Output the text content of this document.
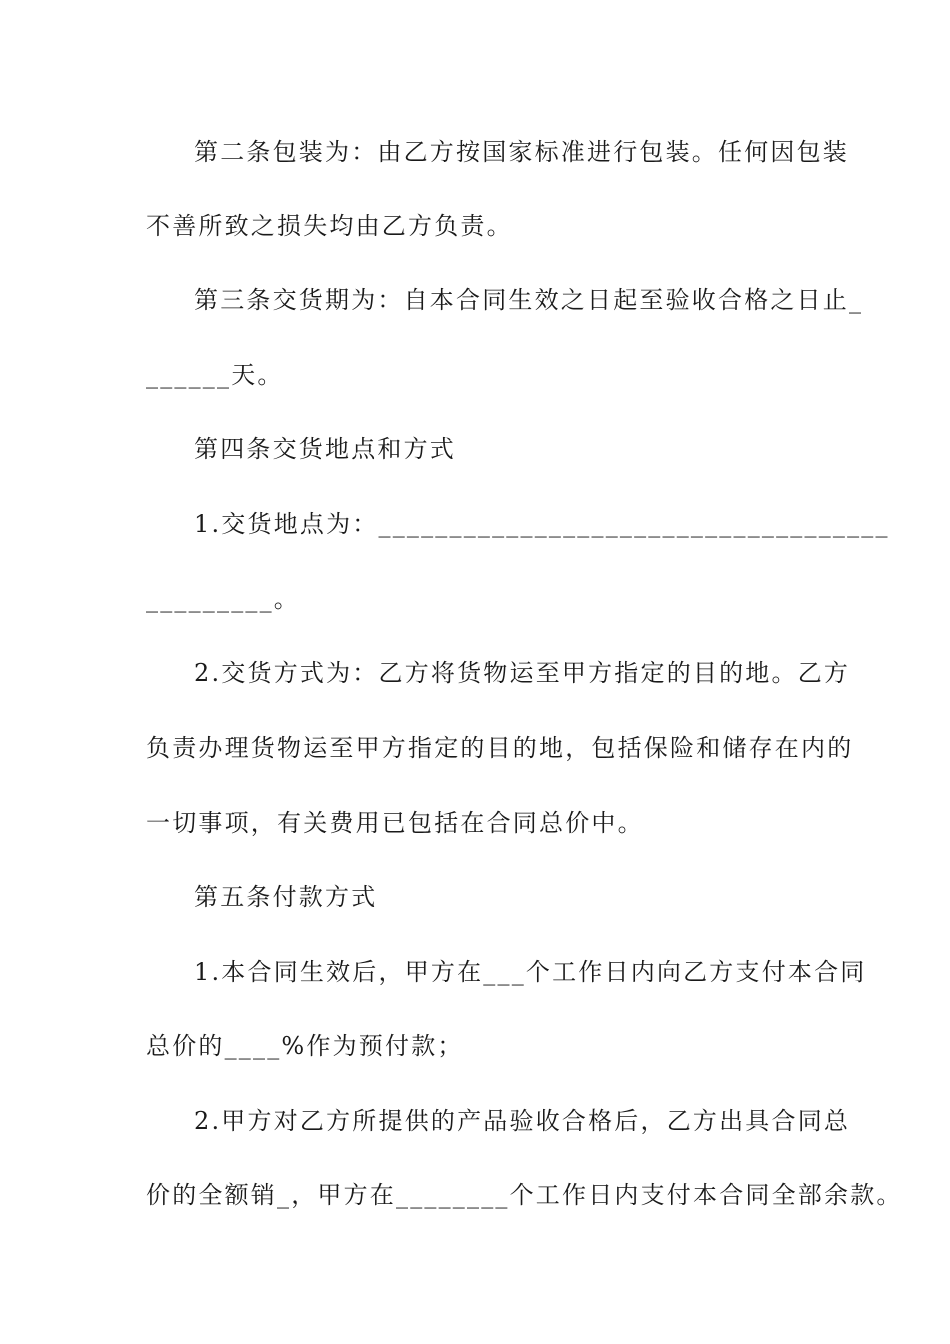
第二条包装为：由乙方按国家标准进行包装。任何因包装
不善所致之损失均由乙方负责。
第三条交货期为：自本合同生效之日起至验收合格之日止_
______天。
第四条交货地点和方式
1.交货地点为：____________________________________
_________。
2.交货方式为：乙方将货物运至甲方指定的目的地。乙方
负责办理货物运至甲方指定的目的地，包括保险和储存在内的
一切事项，有关费用已包括在合同总价中。
第五条付款方式
1.本合同生效后，甲方在___个工作日内向乙方支付本合同
总价的____%作为预付款；
2.甲方对乙方所提供的产品验收合格后，乙方出具合同总
价的全额销_，甲方在________个工作日内支付本合同全部余款。
